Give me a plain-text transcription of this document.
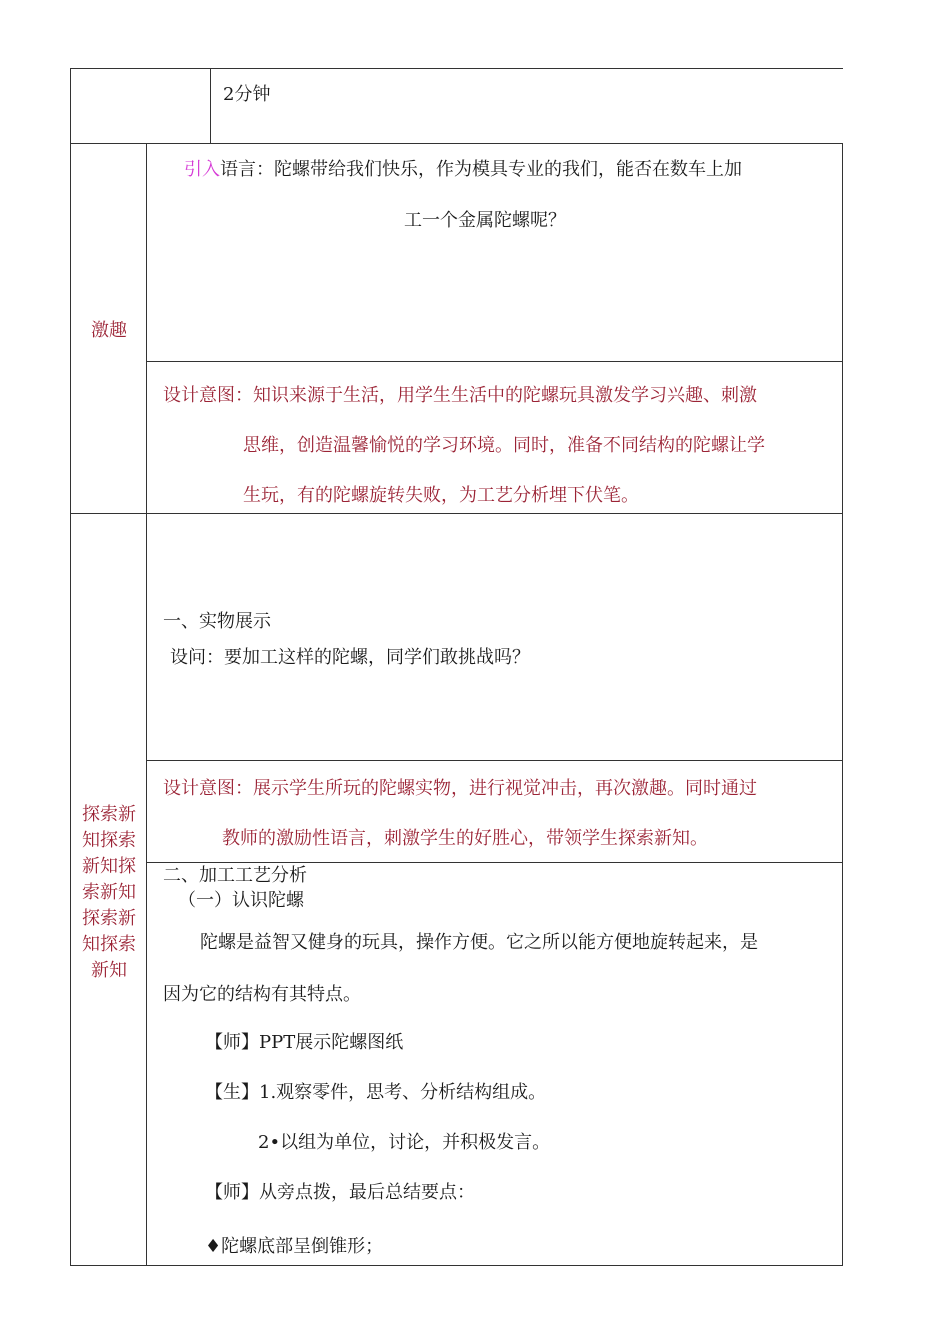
2分钟
激趣
引入语言：陀螺带给我们快乐，作为模具专业的我们，能否在数车上加
工一个金属陀螺呢？
设计意图：知识来源于生活，用学生生活中的陀螺玩具激发学习兴趣、刺激
思维，创造温馨愉悦的学习环境。同时，准备不同结构的陀螺让学
生玩，有的陀螺旋转失败，为工艺分析埋下伏笔。
探索新
知探索
新知探
索新知
探索新
知探索
新知
一、实物展示
设问：要加工这样的陀螺，同学们敢挑战吗？
设计意图：展示学生所玩的陀螺实物，进行视觉冲击，再次激趣。同时通过
教师的激励性语言，刺激学生的好胜心，带领学生探索新知。
二、加工工艺分析
（一）认识陀螺
陀螺是益智又健身的玩具，操作方便。它之所以能方便地旋转起来，是
因为它的结构有其特点。
【师】PPT展示陀螺图纸
【生】1.观察零件，思考、分析结构组成。
2•以组为单位，讨论，并积极发言。
【师】从旁点拨，最后总结要点：
♦陀螺底部呈倒锥形；
